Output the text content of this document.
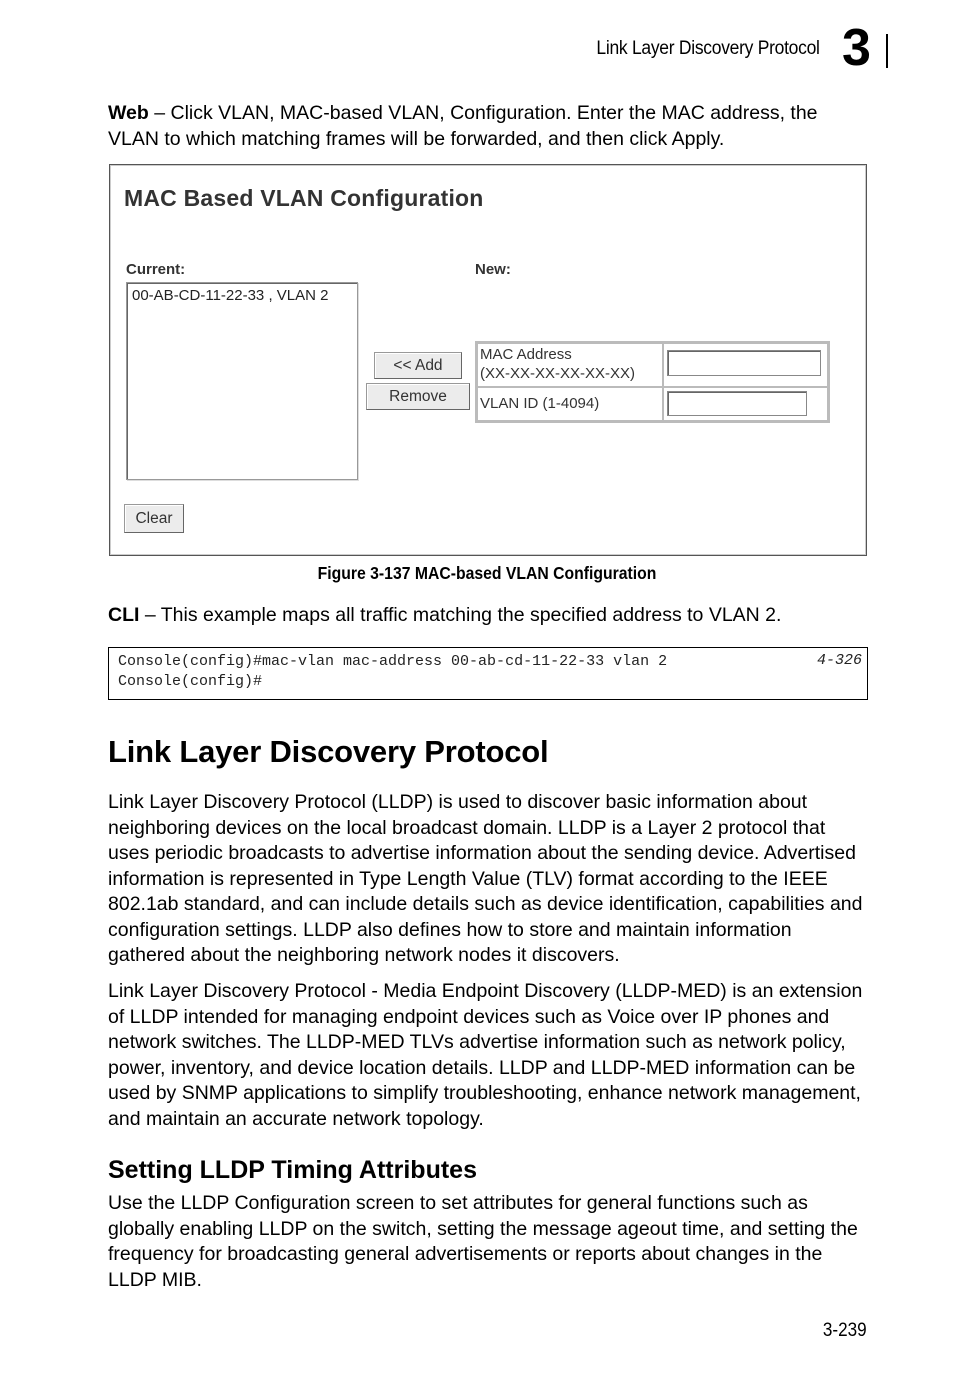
Link Layer Discovery Protocol 3
Web – Click VLAN, MAC-based VLAN, Configuration. Enter the MAC address, the VLAN to which matching frames will be forwarded, and then click Apply.
MAC Based VLAN Configuration
Current:	New:
00-AB-CD-11-22-33 , VLAN 2
<< Add
Remove
MAC Address
(XX-XX-XX-XX-XX-XX)
VLAN ID (1-4094)
Clear
Figure 3-137 MAC-based VLAN Configuration
CLI – This example maps all traffic matching the specified address to VLAN 2.
Console(config)#mac-vlan mac-address 00-ab-cd-11-22-33 vlan 2	4-326
Console(config)#
Link Layer Discovery Protocol
Link Layer Discovery Protocol (LLDP) is used to discover basic information about neighboring devices on the local broadcast domain. LLDP is a Layer 2 protocol that uses periodic broadcasts to advertise information about the sending device. Advertised information is represented in Type Length Value (TLV) format according to the IEEE 802.1ab standard, and can include details such as device identification, capabilities and configuration settings. LLDP also defines how to store and maintain information gathered about the neighboring network nodes it discovers.
Link Layer Discovery Protocol - Media Endpoint Discovery (LLDP-MED) is an extension of LLDP intended for managing endpoint devices such as Voice over IP phones and network switches. The LLDP-MED TLVs advertise information such as network policy, power, inventory, and device location details. LLDP and LLDP-MED information can be used by SNMP applications to simplify troubleshooting, enhance network management, and maintain an accurate network topology.
Setting LLDP Timing Attributes
Use the LLDP Configuration screen to set attributes for general functions such as globally enabling LLDP on the switch, setting the message ageout time, and setting the frequency for broadcasting general advertisements or reports about changes in the LLDP MIB.
3-239
